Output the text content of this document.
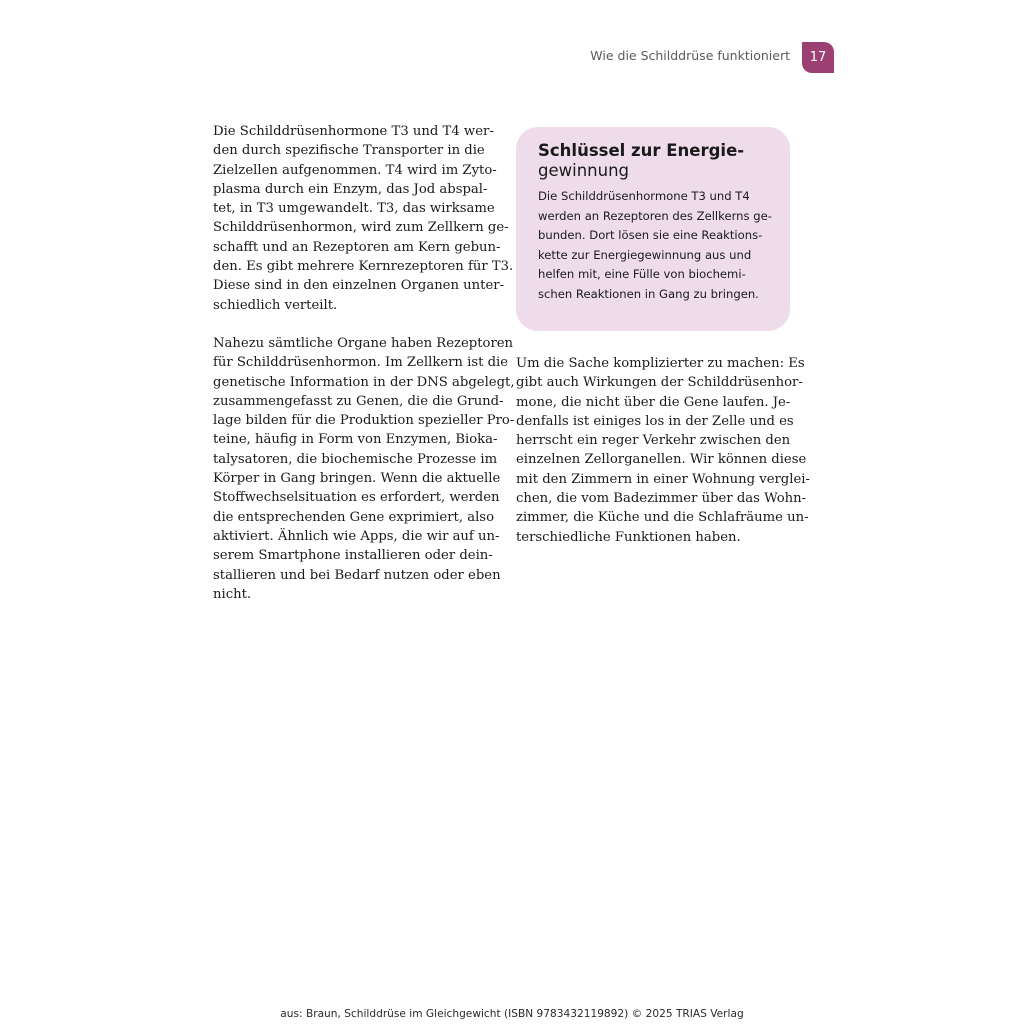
Wie die Schilddrüse funktioniert	17
Die Schilddrüsenhormone T3 und T4 wer-
den durch spezifische Transporter in die
Zielzellen aufgenommen. T4 wird im Zyto-
plasma durch ein Enzym, das Jod abspal-
tet, in T3 umgewandelt. T3, das wirksame
Schilddrüsenhormon, wird zum Zellkern ge-
schafft und an Rezeptoren am Kern gebun-
den. Es gibt mehrere Kernrezeptoren für T3.
Diese sind in den einzelnen Organen unter-
schiedlich verteilt.
Nahezu sämtliche Organe haben Rezeptoren
für Schilddrüsenhormon. Im Zellkern ist die
genetische Information in der DNS abgelegt,
zusammengefasst zu Genen, die die Grund-
lage bilden für die Produktion spezieller Pro-
teine, häufig in Form von Enzymen, Bioka-
talysatoren, die biochemische Prozesse im
Körper in Gang bringen. Wenn die aktuelle
Stoffwechselsituation es erfordert, werden
die entsprechenden Gene exprimiert, also
aktiviert. Ähnlich wie Apps, die wir auf un-
serem Smartphone installieren oder dein-
stallieren und bei Bedarf nutzen oder eben
nicht.
Schlüssel zur Energie-
gewinnung
Die Schilddrüsenhormone T3 und T4
werden an Rezeptoren des Zellkerns ge-
bunden. Dort lösen sie eine Reaktions-
kette zur Energiegewinnung aus und
helfen mit, eine Fülle von biochemi-
schen Reaktionen in Gang zu bringen.
Um die Sache komplizierter zu machen: Es
gibt auch Wirkungen der Schilddrüsenhor-
mone, die nicht über die Gene laufen. Je-
denfalls ist einiges los in der Zelle und es
herrscht ein reger Verkehr zwischen den
einzelnen Zellorganellen. Wir können diese
mit den Zimmern in einer Wohnung verglei-
chen, die vom Badezimmer über das Wohn-
zimmer, die Küche und die Schlafräume un-
terschiedliche Funktionen haben.
aus: Braun, Schilddrüse im Gleichgewicht (ISBN 9783432119892) © 2025 TRIAS Verlag
